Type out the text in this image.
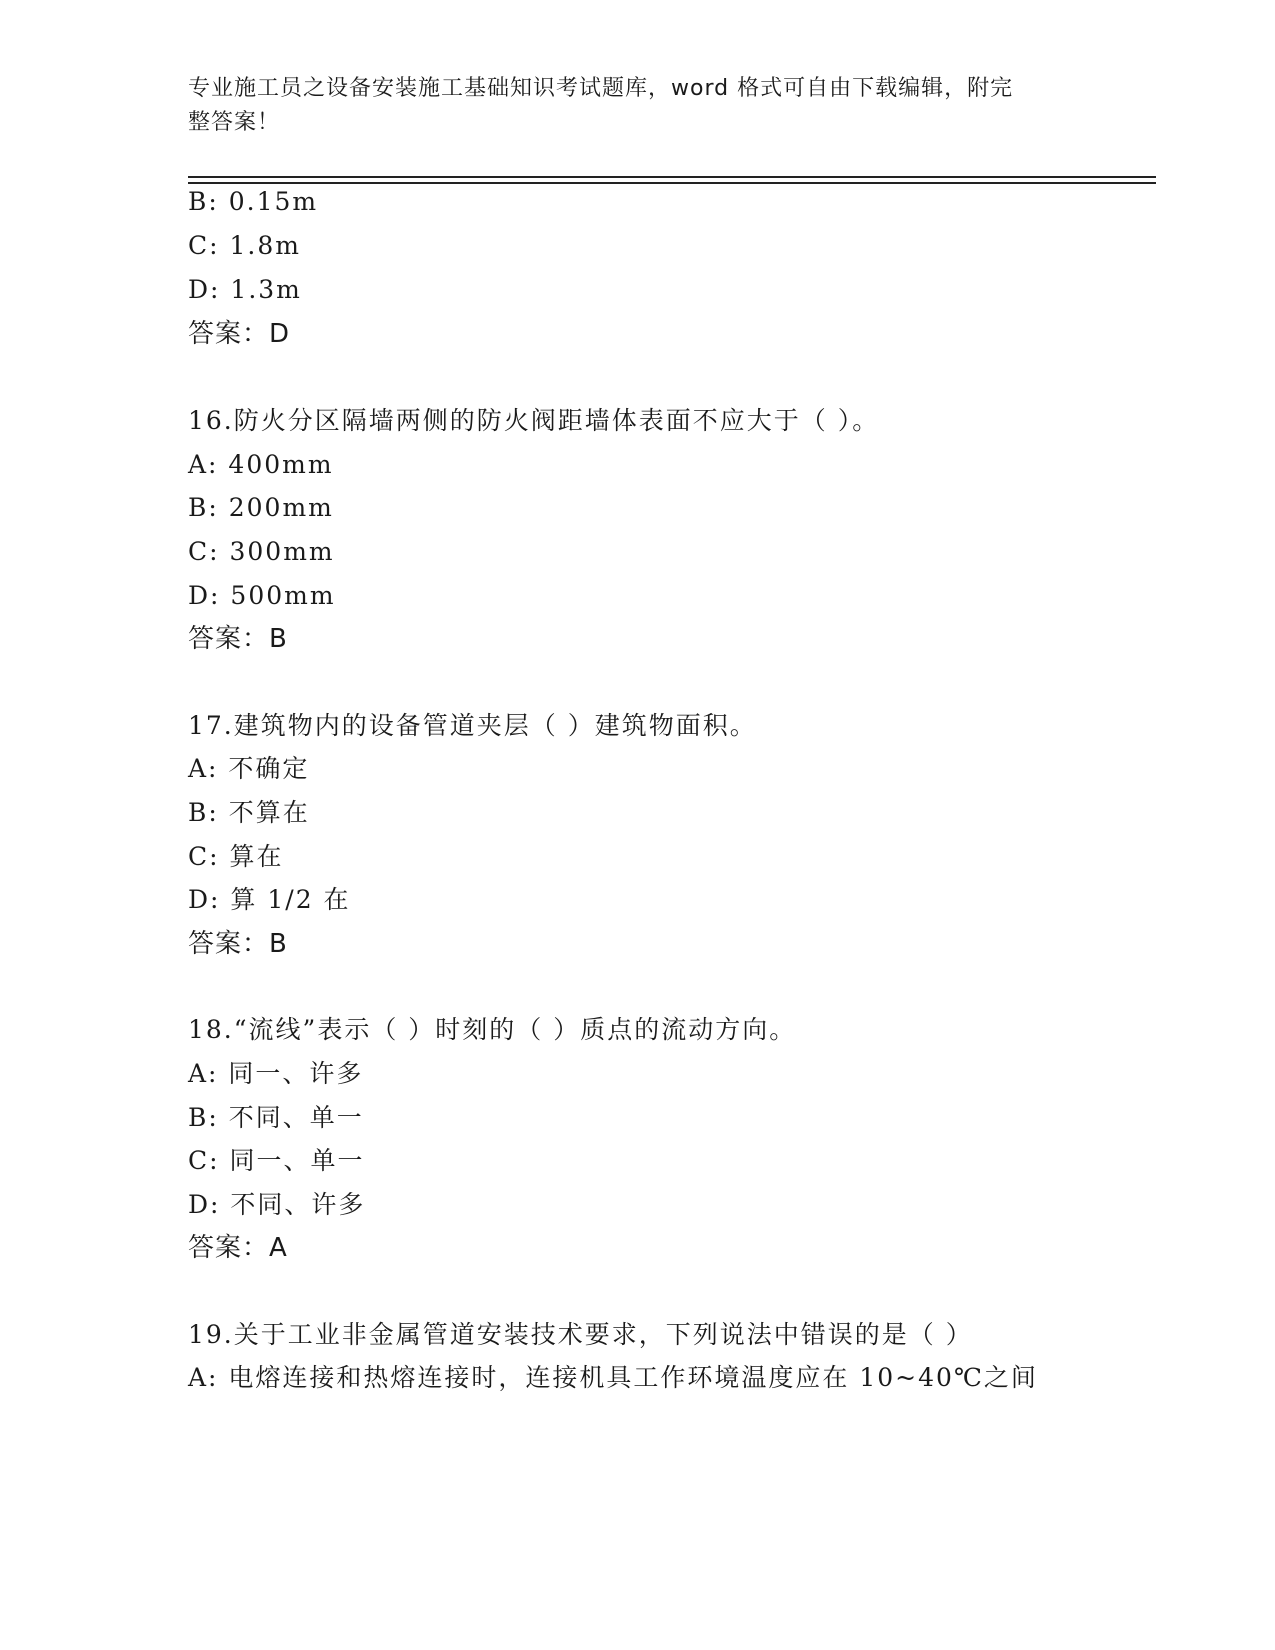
专业施工员之设备安装施工基础知识考试题库，word 格式可自由下载编辑，附完
整答案！
B: 0.15m
C: 1.8m
D: 1.3m
答案：D
16.防火分区隔墙两侧的防火阀距墙体表面不应大于（ ）。
A: 400mm
B: 200mm
C: 300mm
D: 500mm
答案：B
17.建筑物内的设备管道夹层（ ）建筑物面积。
A: 不确定
B: 不算在
C: 算在
D: 算 1/2 在
答案：B
18.“流线”表示（ ）时刻的（ ）质点的流动方向。
A: 同一、许多
B: 不同、单一
C: 同一、单一
D: 不同、许多
答案：A
19.关于工业非金属管道安装技术要求，下列说法中错误的是（ ）
A: 电熔连接和热熔连接时，连接机具工作环境温度应在 10~40℃之间
